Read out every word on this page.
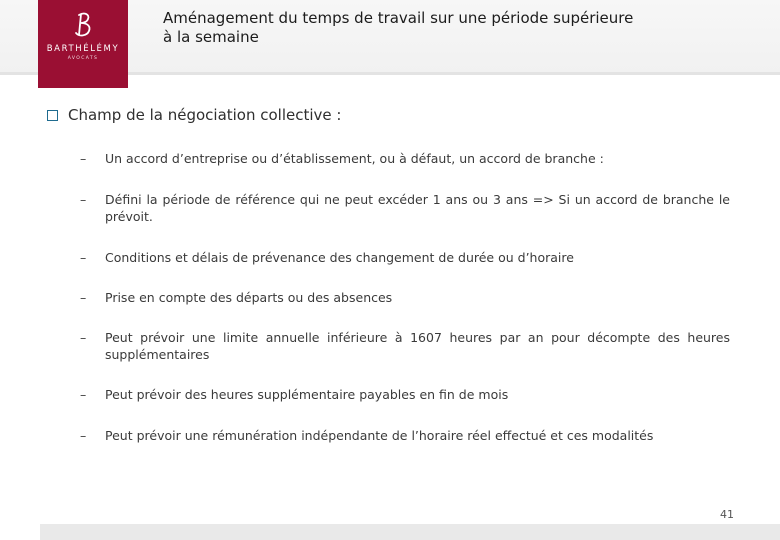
BARTHÉLÉMY
AVOCATS
Aménagement du temps de travail sur une période supérieure
à la semaine
Champ de la négociation collective :
–	Un accord d’entreprise ou d’établissement, ou à défaut, un accord de branche :
–	Défini la période de référence qui ne peut excéder 1 ans ou 3 ans => Si un accord de branche le prévoit.
–	Conditions et délais de prévenance des changement de durée ou d’horaire
–	Prise en compte des départs ou des absences
–	Peut prévoir une limite annuelle inférieure à 1607 heures par an pour décompte des heures supplémentaires
–	Peut prévoir des heures supplémentaire payables en fin de mois
–	Peut prévoir une rémunération indépendante de l’horaire réel effectué et ces modalités
41
